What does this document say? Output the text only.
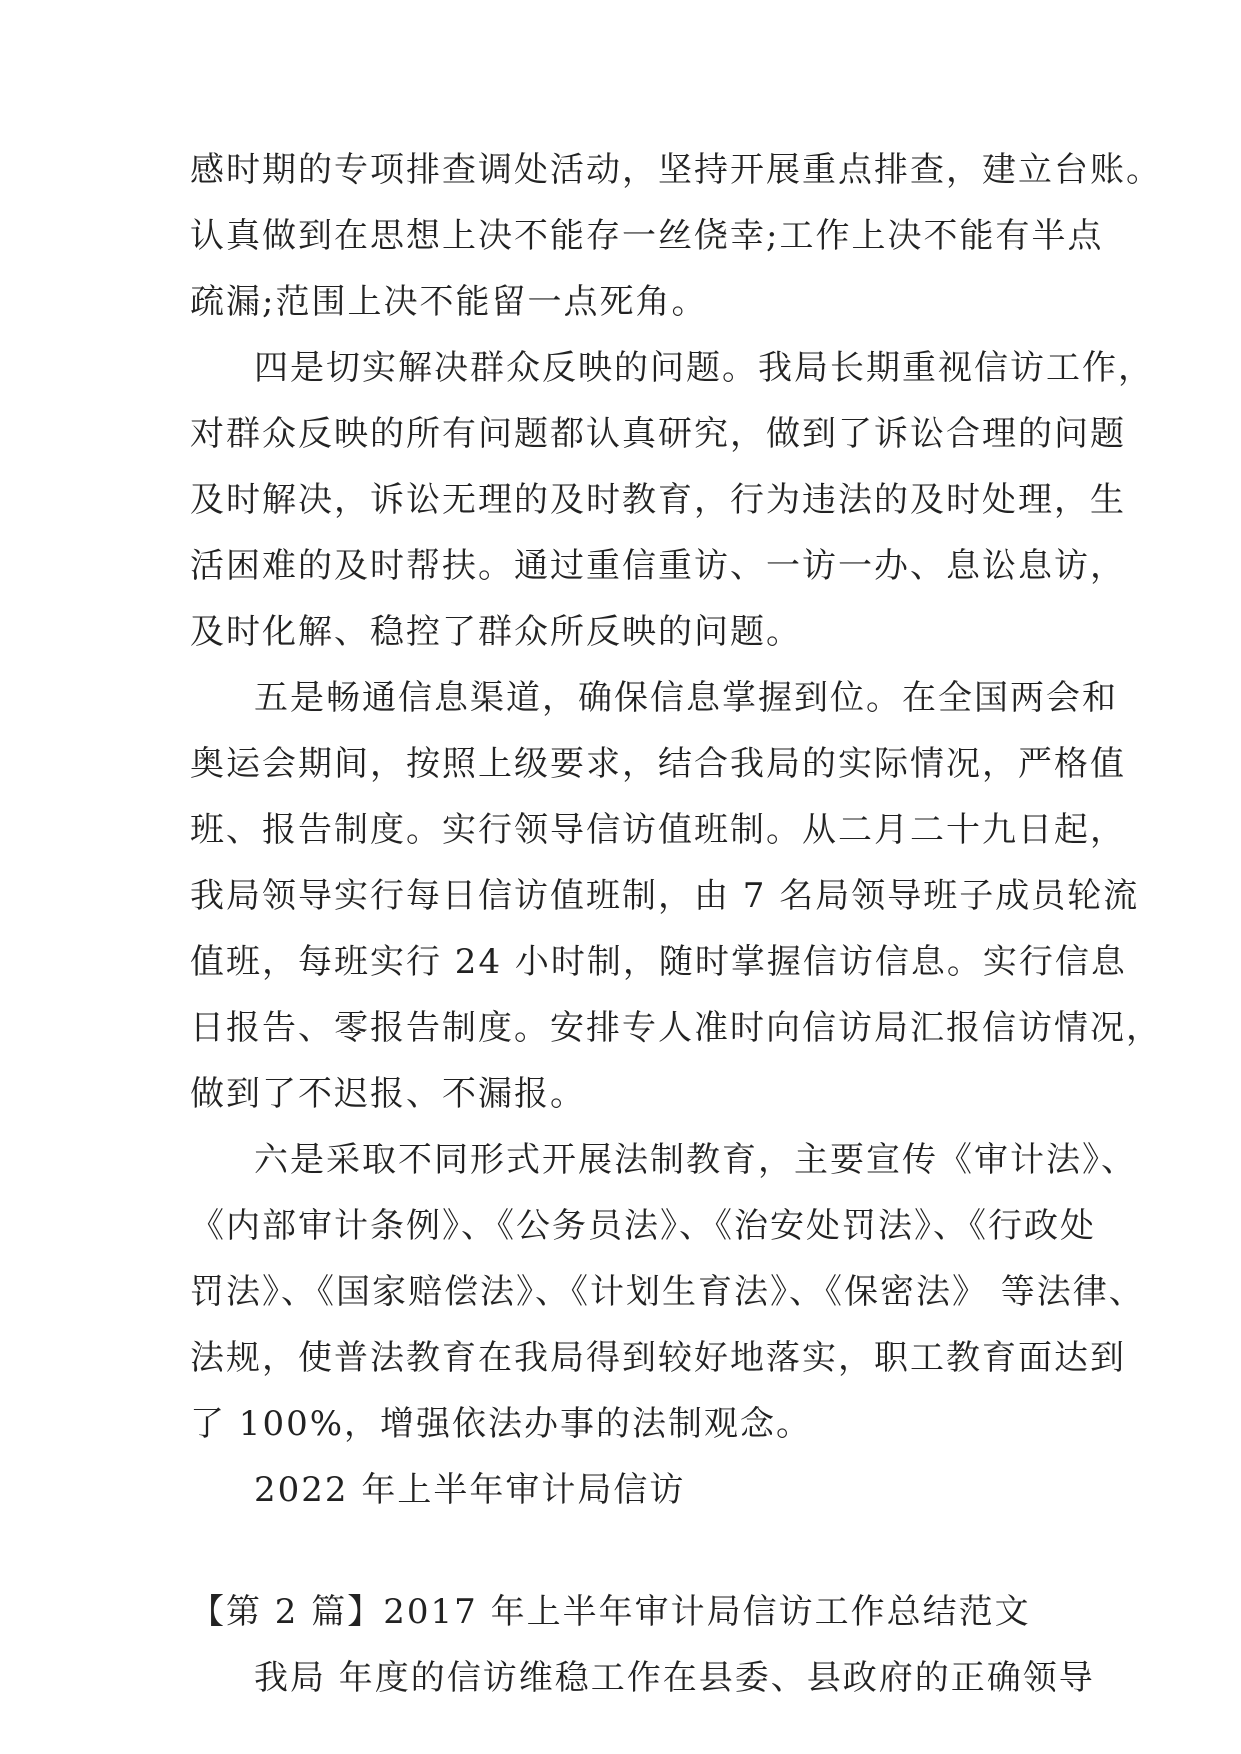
感时期的专项排查调处活动，坚持开展重点排查，建立台账。
认真做到在思想上决不能存一丝侥幸;工作上决不能有半点
疏漏;范围上决不能留一点死角。
四是切实解决群众反映的问题。我局长期重视信访工作，
对群众反映的所有问题都认真研究，做到了诉讼合理的问题
及时解决，诉讼无理的及时教育，行为违法的及时处理，生
活困难的及时帮扶。通过重信重访、一访一办、息讼息访，
及时化解、稳控了群众所反映的问题。
五是畅通信息渠道，确保信息掌握到位。在全国两会和
奥运会期间，按照上级要求，结合我局的实际情况，严格值
班、报告制度。实行领导信访值班制。从二月二十九日起，
我局领导实行每日信访值班制，由 7 名局领导班子成员轮流
值班，每班实行 24 小时制，随时掌握信访信息。实行信息
日报告、零报告制度。安排专人准时向信访局汇报信访情况，
做到了不迟报、不漏报。
六是采取不同形式开展法制教育，主要宣传《审计法》、
《内部审计条例》、《公务员法》、《治安处罚法》、《行政处
罚法》、《国家赔偿法》、《计划生育法》、《保密法》 等法律、
法规，使普法教育在我局得到较好地落实，职工教育面达到
了 100%，增强依法办事的法制观念。
2022 年上半年审计局信访
【第 2 篇】2017 年上半年审计局信访工作总结范文
我局 年度的信访维稳工作在县委、县政府的正确领导
